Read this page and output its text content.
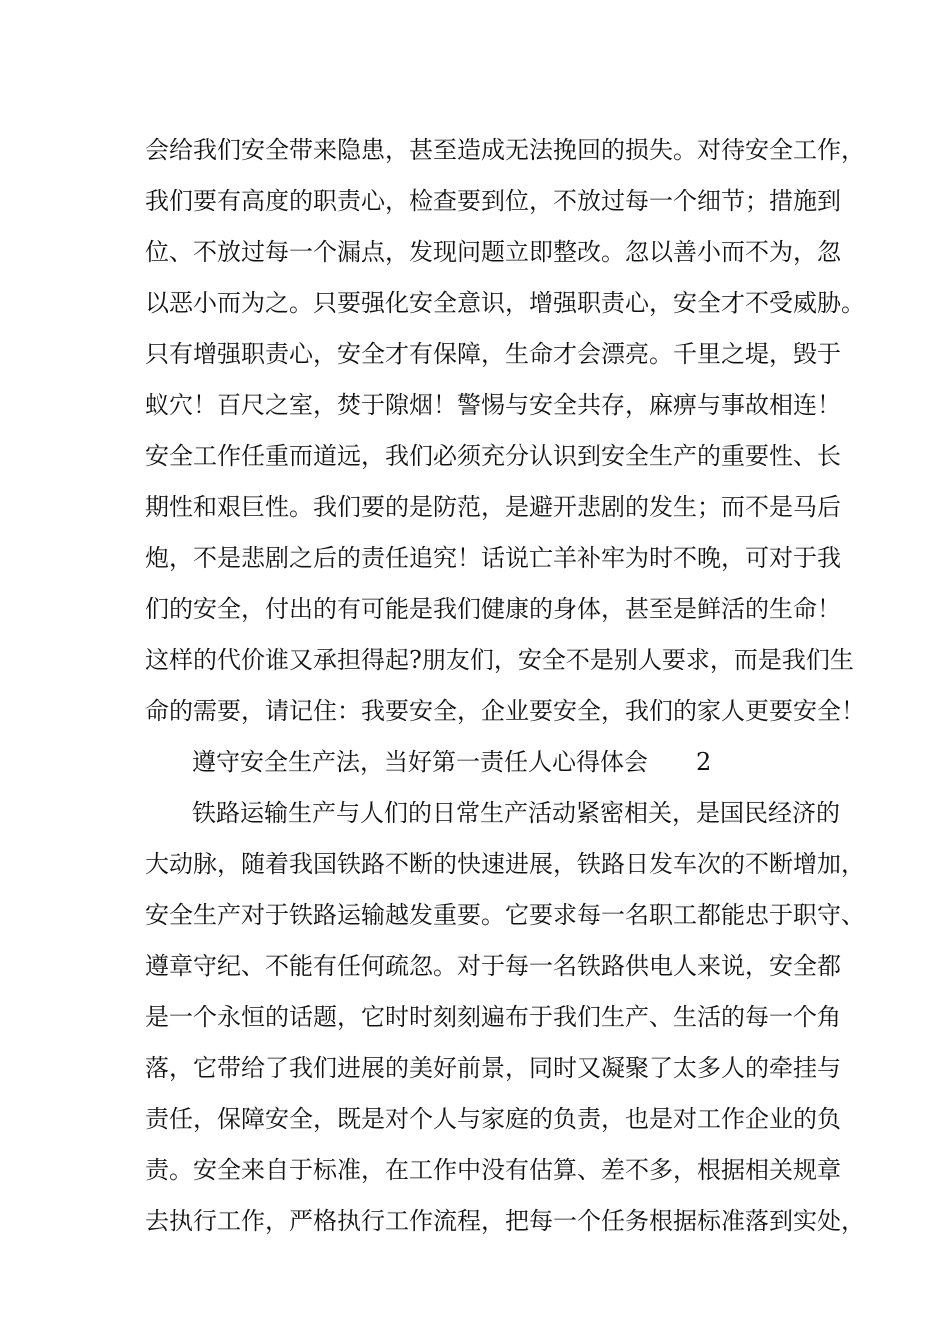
会给我们安全带来隐患，甚至造成无法挽回的损失。对待安全工作，
我们要有高度的职责心，检查要到位，不放过每一个细节；措施到
位、不放过每一个漏点，发现问题立即整改。忽以善小而不为，忽
以恶小而为之。只要强化安全意识，增强职责心，安全才不受威胁。
只有增强职责心，安全才有保障，生命才会漂亮。千里之堤，毁于
蚁穴！百尺之室，焚于隙烟！警惕与安全共存，麻痹与事故相连！
安全工作任重而道远，我们必须充分认识到安全生产的重要性、长
期性和艰巨性。我们要的是防范，是避开悲剧的发生；而不是马后
炮，不是悲剧之后的责任追究！话说亡羊补牢为时不晚，可对于我
们的安全，付出的有可能是我们健康的身体，甚至是鲜活的生命！
这样的代价谁又承担得起?朋友们，安全不是别人要求，而是我们生
命的需要，请记住：我要安全，企业要安全，我们的家人更要安全！
遵守安全生产法，当好第一责任人心得体会　　2
铁路运输生产与人们的日常生产活动紧密相关，是国民经济的
大动脉，随着我国铁路不断的快速进展，铁路日发车次的不断增加，
安全生产对于铁路运输越发重要。它要求每一名职工都能忠于职守、
遵章守纪、不能有任何疏忽。对于每一名铁路供电人来说，安全都
是一个永恒的话题，它时时刻刻遍布于我们生产、生活的每一个角
落，它带给了我们进展的美好前景，同时又凝聚了太多人的牵挂与
责任，保障安全，既是对个人与家庭的负责，也是对工作企业的负
责。安全来自于标准，在工作中没有估算、差不多，根据相关规章
去执行工作，严格执行工作流程，把每一个任务根据标准落到实处，
